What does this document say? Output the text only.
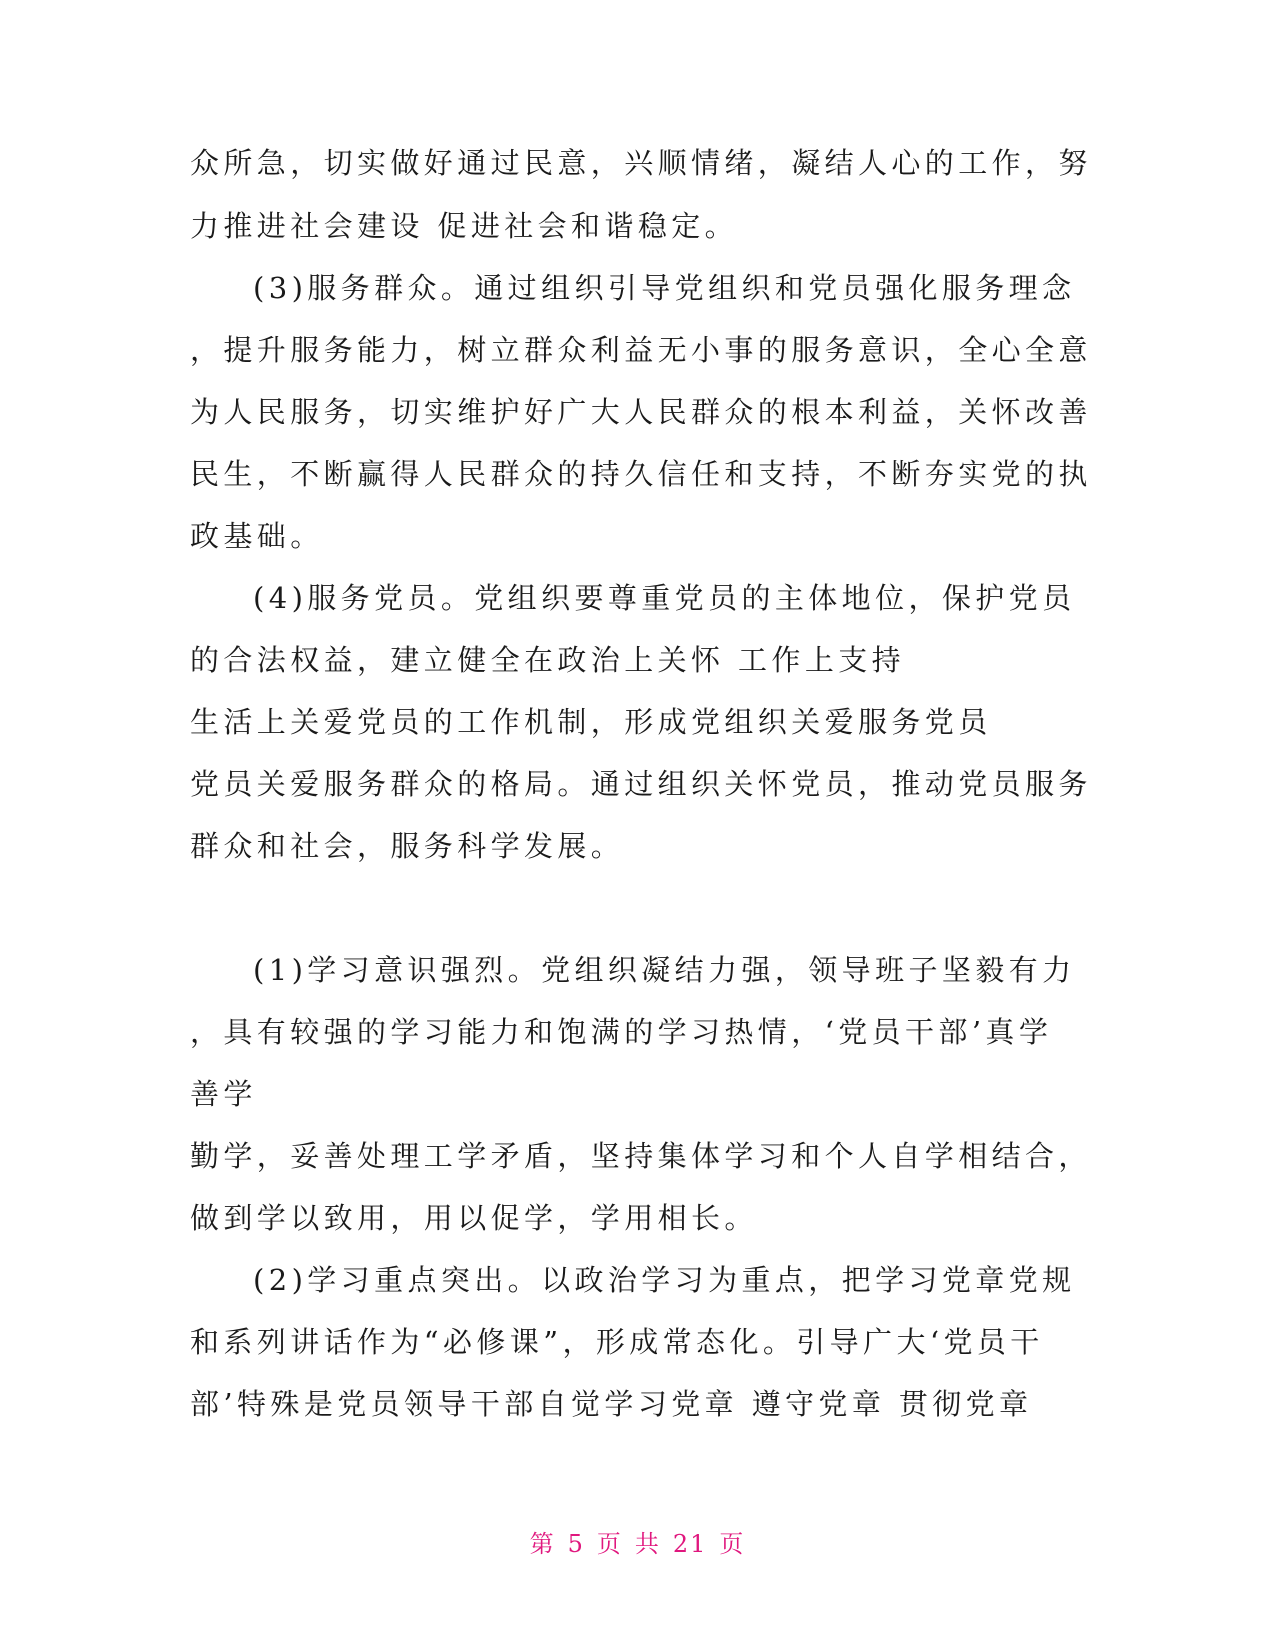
众所急，切实做好通过民意，兴顺情绪，凝结人心的工作，努
力推进社会建设 促进社会和谐稳定。
(3)服务群众。通过组织引导党组织和党员强化服务理念
，提升服务能力，树立群众利益无小事的服务意识，全心全意
为人民服务，切实维护好广大人民群众的根本利益，关怀改善
民生，不断赢得人民群众的持久信任和支持，不断夯实党的执
政基础。
(4)服务党员。党组织要尊重党员的主体地位，保护党员
的合法权益，建立健全在政治上关怀 工作上支持
生活上关爱党员的工作机制，形成党组织关爱服务党员
党员关爱服务群众的格局。通过组织关怀党员，推动党员服务
群众和社会，服务科学发展。
(1)学习意识强烈。党组织凝结力强，领导班子坚毅有力
，具有较强的学习能力和饱满的学习热情，‘党员干部’真学
善学
勤学，妥善处理工学矛盾，坚持集体学习和个人自学相结合，
做到学以致用，用以促学，学用相长。
(2)学习重点突出。以政治学习为重点，把学习党章党规
和系列讲话作为“必修课”，形成常态化。引导广大‘党员干
部’特殊是党员领导干部自觉学习党章 遵守党章 贯彻党章
第 5 页 共 21 页
